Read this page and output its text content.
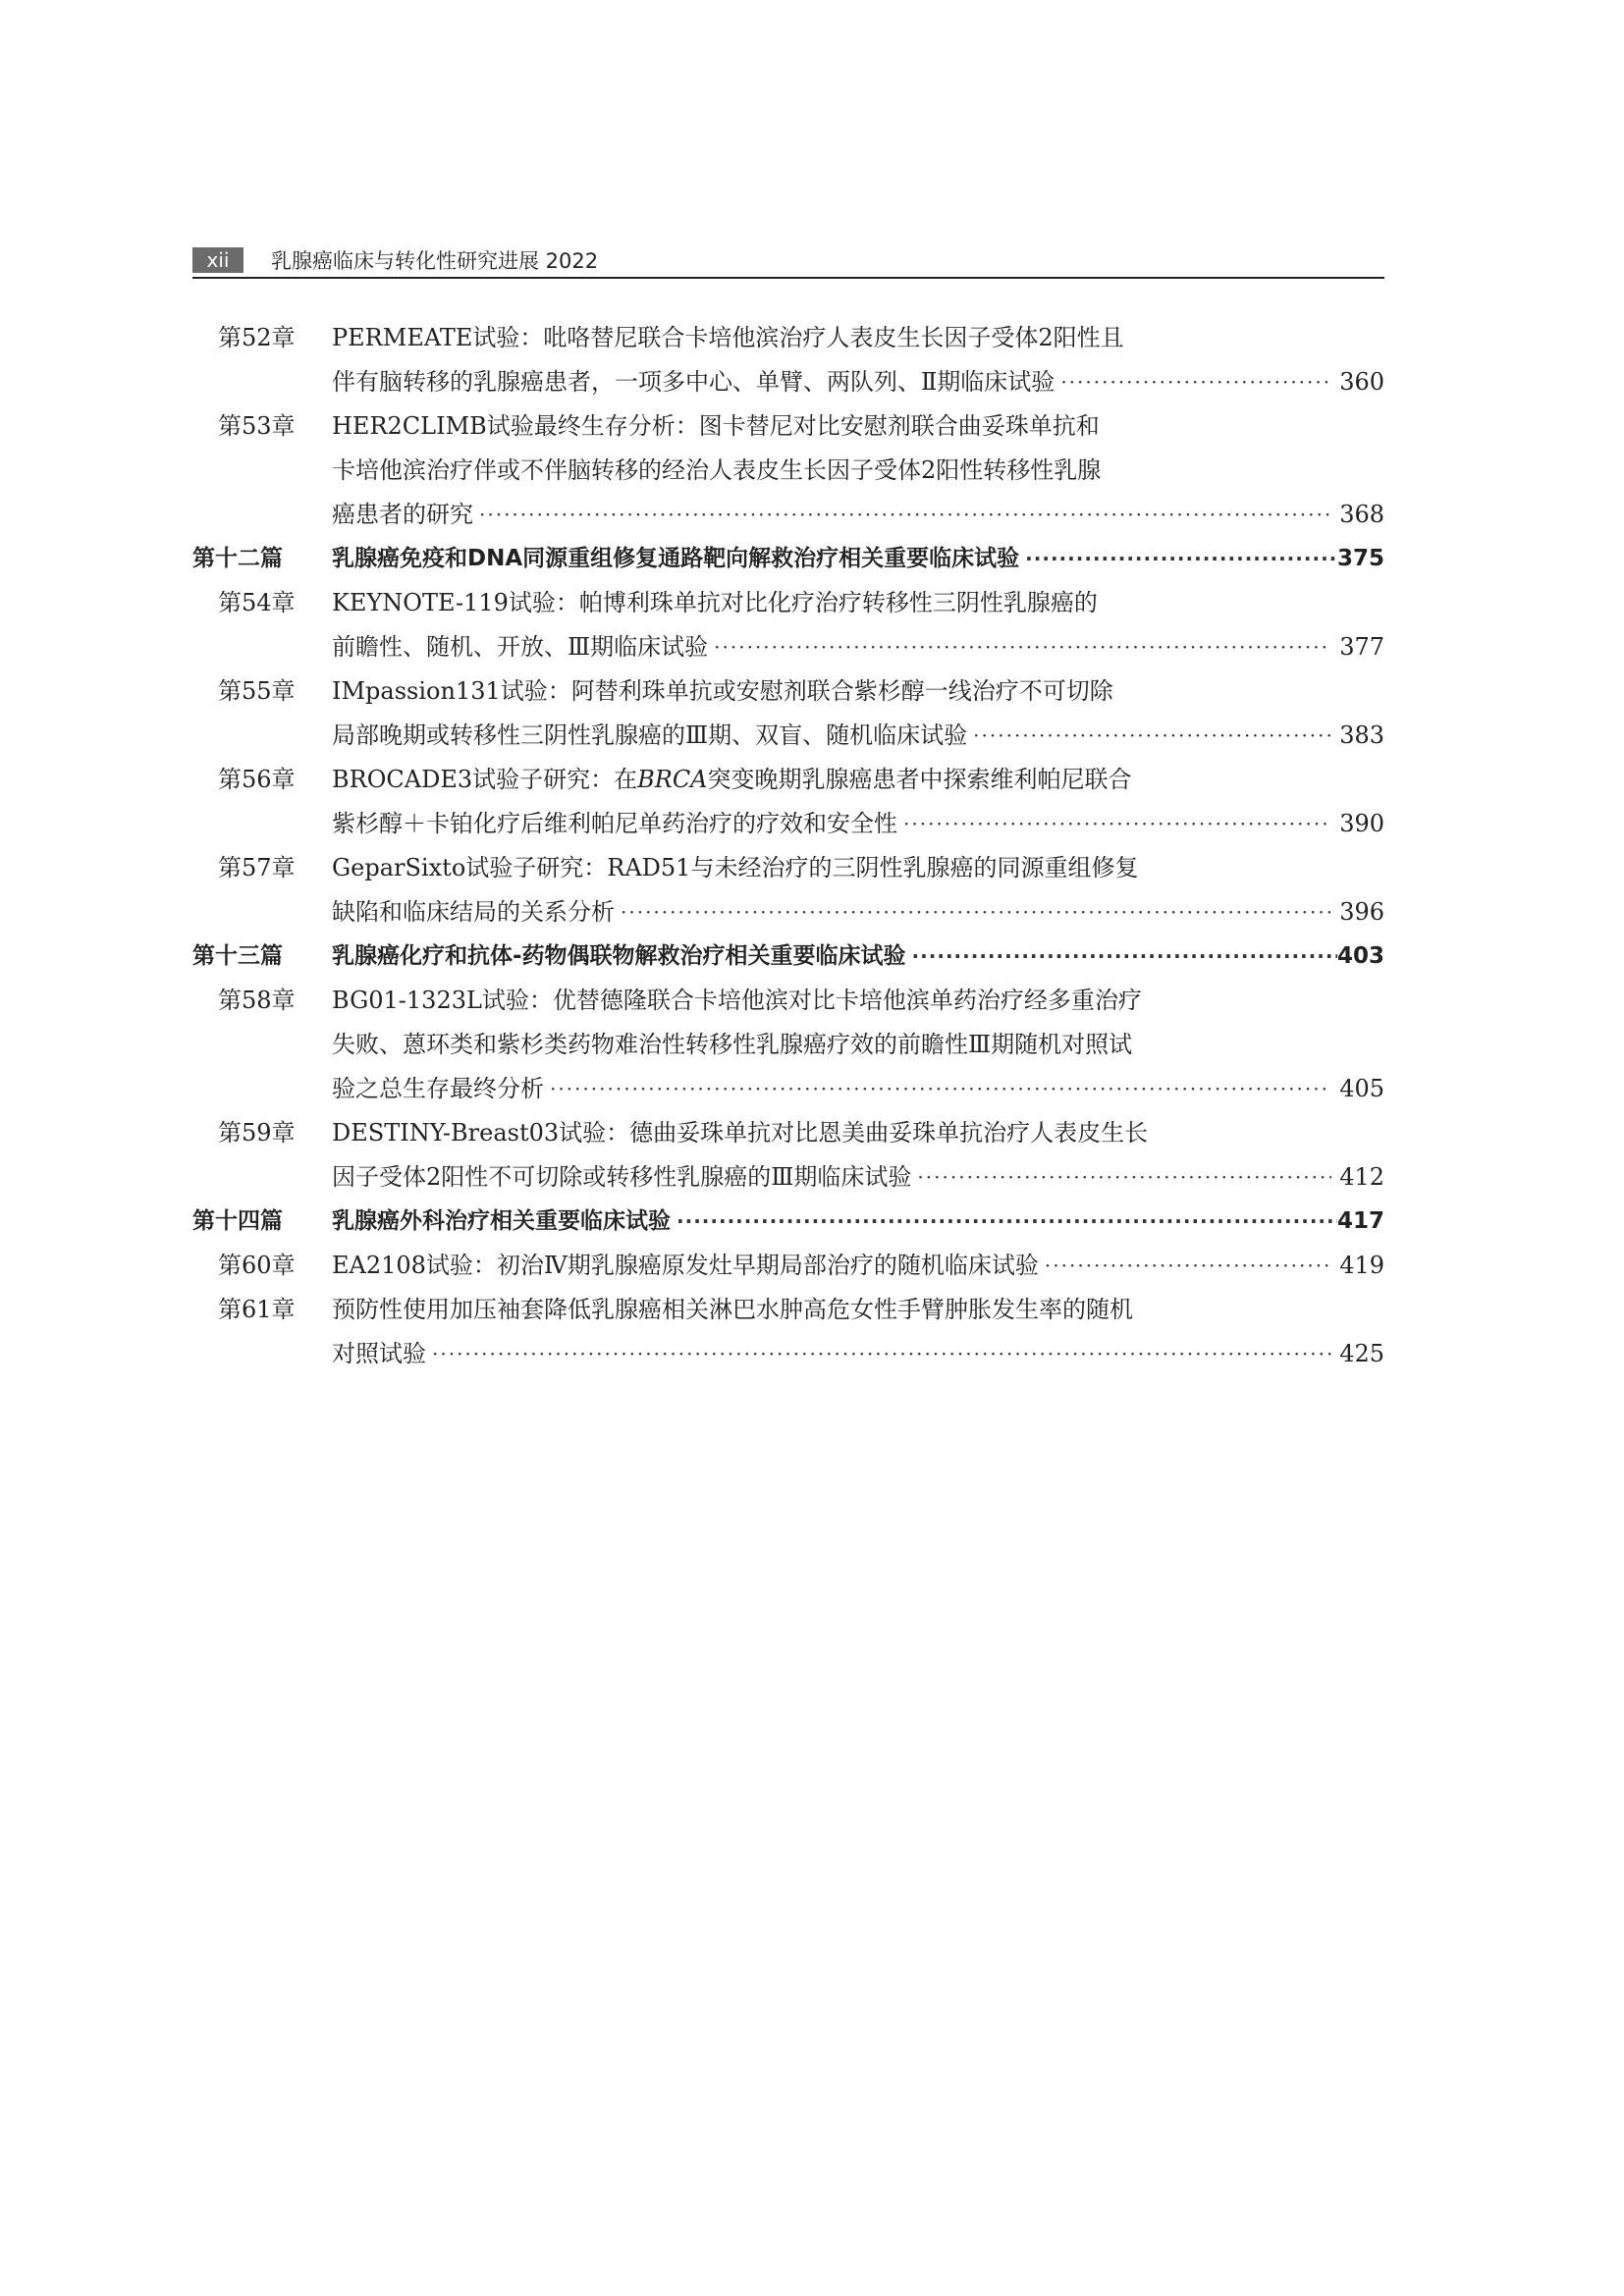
xii	乳腺癌临床与转化性研究进展 2022
第52章 PERMEATE试验：吡咯替尼联合卡培他滨治疗人表皮生长因子受体2阳性且
伴有脑转移的乳腺癌患者，一项多中心、单臂、两队列、Ⅱ期临床试验 ·····	360
第53章 HER2CLIMB试验最终生存分析：图卡替尼对比安慰剂联合曲妥珠单抗和
卡培他滨治疗伴或不伴脑转移的经治人表皮生长因子受体2阳性转移性乳腺
癌患者的研究 ·····	368
第十二篇 乳腺癌免疫和DNA同源重组修复通路靶向解救治疗相关重要临床试验 ·····	375
第54章 KEYNOTE-119试验：帕博利珠单抗对比化疗治疗转移性三阴性乳腺癌的
前瞻性、随机、开放、Ⅲ期临床试验 ·····	377
第55章 IMpassion131试验：阿替利珠单抗或安慰剂联合紫杉醇一线治疗不可切除
局部晚期或转移性三阴性乳腺癌的Ⅲ期、双盲、随机临床试验 ·····	383
第56章 BROCADE3试验子研究：在BRCA突变晚期乳腺癌患者中探索维利帕尼联合
紫杉醇＋卡铂化疗后维利帕尼单药治疗的疗效和安全性 ·····	390
第57章 GeparSixto试验子研究：RAD51与未经治疗的三阴性乳腺癌的同源重组修复
缺陷和临床结局的关系分析 ·····	396
第十三篇 乳腺癌化疗和抗体-药物偶联物解救治疗相关重要临床试验 ·····	403
第58章 BG01-1323L试验：优替德隆联合卡培他滨对比卡培他滨单药治疗经多重治疗
失败、蒽环类和紫杉类药物难治性转移性乳腺癌疗效的前瞻性Ⅲ期随机对照试
验之总生存最终分析 ·····	405
第59章 DESTINY-Breast03试验：德曲妥珠单抗对比恩美曲妥珠单抗治疗人表皮生长
因子受体2阳性不可切除或转移性乳腺癌的Ⅲ期临床试验 ·····	412
第十四篇 乳腺癌外科治疗相关重要临床试验 ·····	417
第60章 EA2108试验：初治Ⅳ期乳腺癌原发灶早期局部治疗的随机临床试验 ·····	419
第61章 预防性使用加压袖套降低乳腺癌相关淋巴水肿高危女性手臂肿胀发生率的随机
对照试验 ·····	425
